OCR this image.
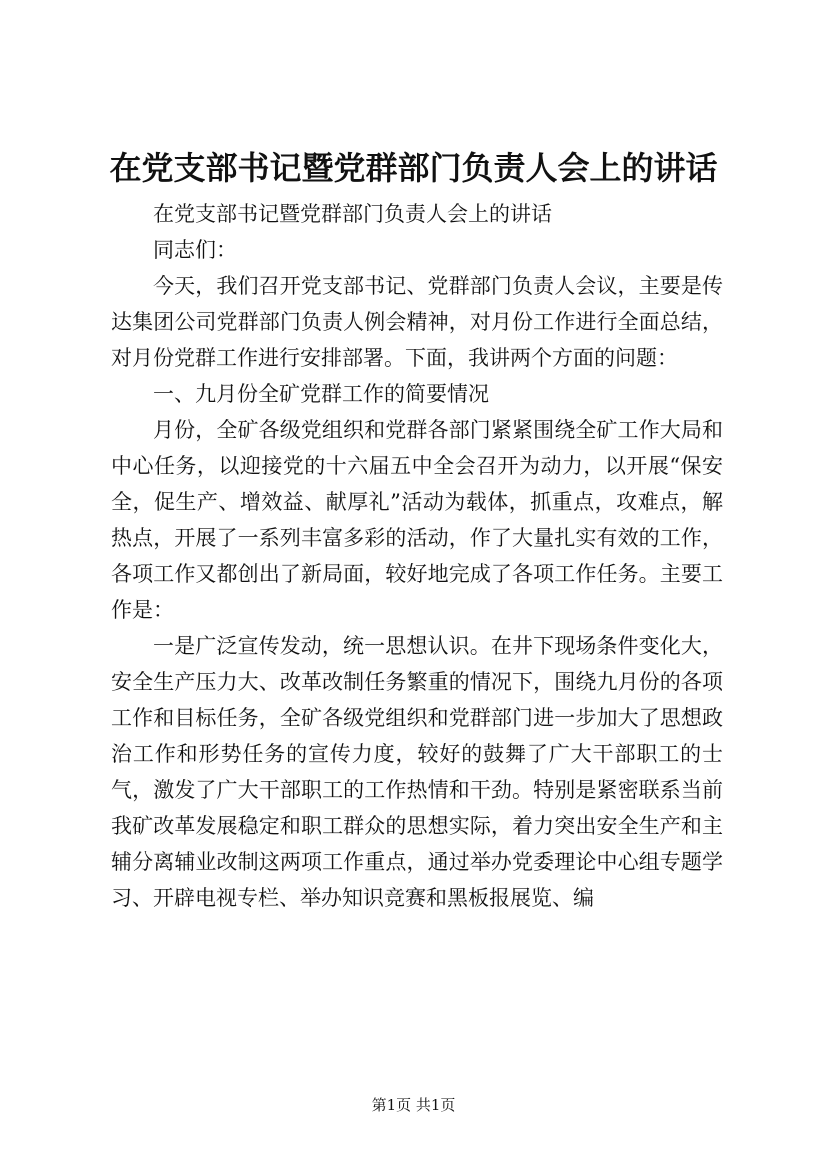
在党支部书记暨党群部门负责人会上的讲话

在党支部书记暨党群部门负责人会上的讲话

同志们：

今天，我们召开党支部书记、党群部门负责人会议，主要是传达集团公司党群部门负责人例会精神，对月份工作进行全面总结，对月份党群工作进行安排部署。下面，我讲两个方面的问题：

一、九月份全矿党群工作的简要情况

月份，全矿各级党组织和党群各部门紧紧围绕全矿工作大局和中心任务，以迎接党的十六届五中全会召开为动力，以开展“保安全，促生产、增效益、献厚礼”活动为载体，抓重点，攻难点，解热点，开展了一系列丰富多彩的活动，作了大量扎实有效的工作，各项工作又都创出了新局面，较好地完成了各项工作任务。主要工作是：

一是广泛宣传发动，统一思想认识。在井下现场条件变化大，安全生产压力大、改革改制任务繁重的情况下，围绕九月份的各项工作和目标任务，全矿各级党组织和党群部门进一步加大了思想政治工作和形势任务的宣传力度，较好的鼓舞了广大干部职工的士气，激发了广大干部职工的工作热情和干劲。特别是紧密联系当前我矿改革发展稳定和职工群众的思想实际，着力突出安全生产和主辅分离辅业改制这两项工作重点，通过举办党委理论中心组专题学习、开辟电视专栏、举办知识竞赛和黑板报展览、编

第1页 共1页
